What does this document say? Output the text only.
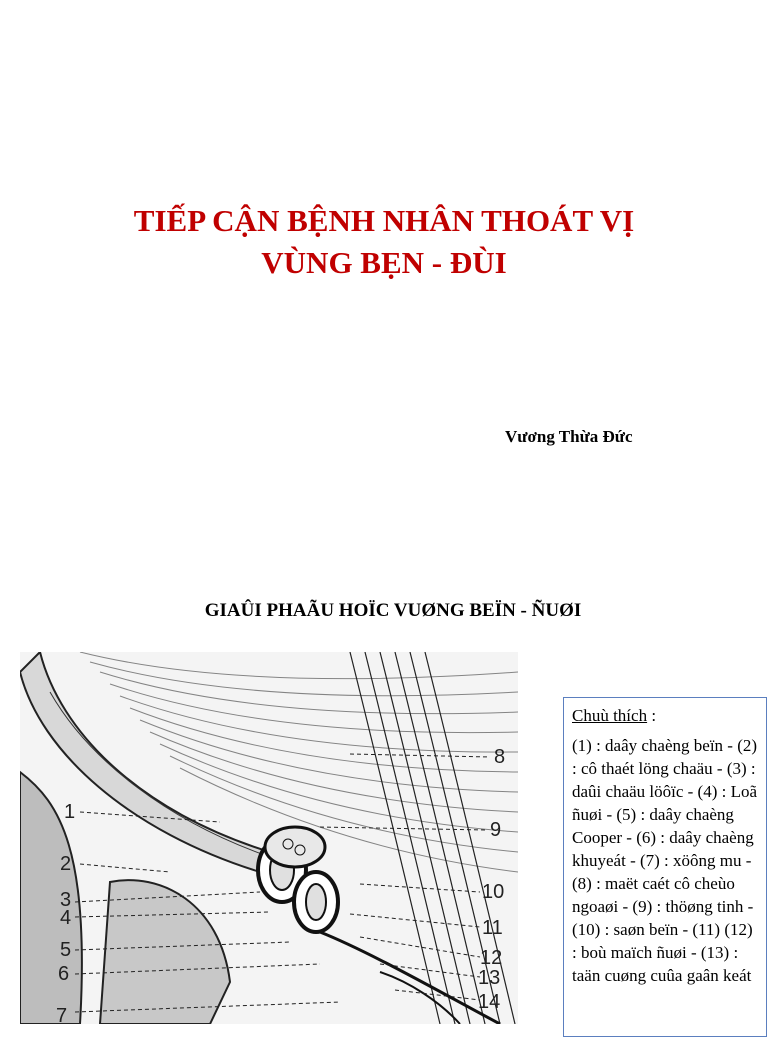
TIẾP CẬN BỆNH NHÂN THOÁT VỊ
VÙNG BẸN - ĐÙI
Vương Thừa Đức
GIAÛI PHAÃU HOÏC VUØNG BEÏN - ÑUØI
1
2
3
4
5
6
7
8
9
10
11
12
13
14
Chuù thích :
(1) : daây chaèng beïn - (2) : cô thaét löng chaäu - (3) : daûi chaäu löôïc - (4) : Loã ñuøi - (5) : daây chaèng Cooper - (6) : daây chaèng khuyeát - (7) : xöông mu - (8) : maët caét cô cheùo ngoaøi - (9) : thöøng tinh - (10) : saøn beïn - (11) (12) : boù maïch ñuøi - (13) : taän cuøng cuûa gaân keát
